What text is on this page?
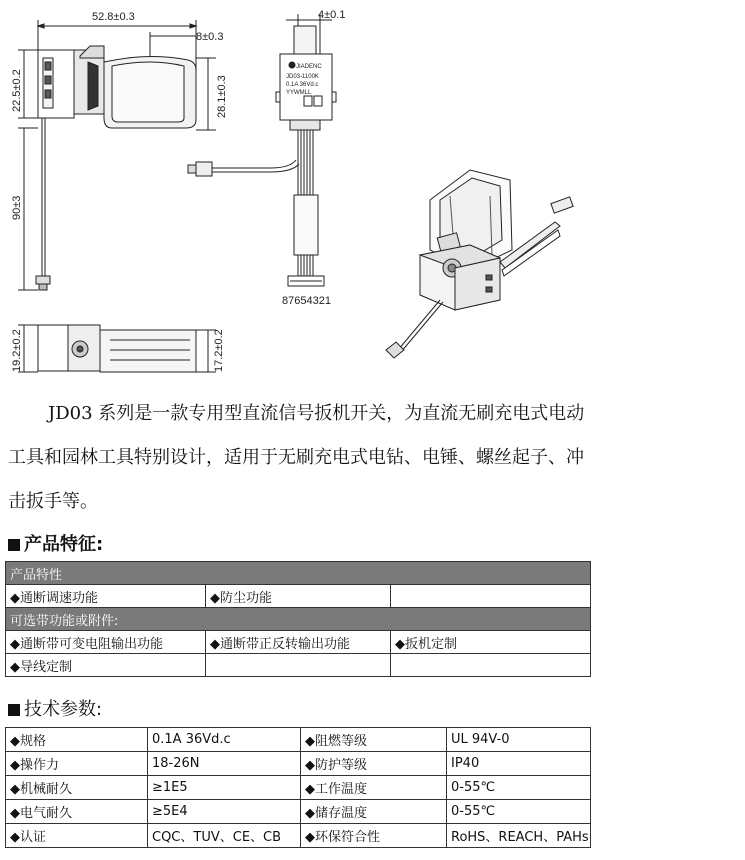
52.8±0.3
8±0.3
4±0.1
22.5±0.2	28.1±0.3
90±3
19.2±0.2	17.2±0.2
87654321
JIADENC
JD03-1100K
0.1A 36Vd.c
YYWMLL

JD03 系列是一款专用型直流信号扳机开关，为直流无刷充电式电动工具和园林工具特别设计，适用于无刷充电式电钻、电锤、螺丝起子、冲击扳手等。

产品特征:
产品特性		
◆通断调速功能	◆防尘功能	
可选带功能或附件:		
◆通断带可变电阻输出功能	◆通断带正反转输出功能	◆扳机定制
◆导线定制		
技术参数:
◆规格	0.1A 36Vd.c	◆阻燃等级	UL 94V-0
◆操作力	18-26N	◆防护等级	IP40
◆机械耐久	≥1E5	◆工作温度	0-55℃
◆电气耐久	≥5E4	◆储存温度	0-55℃
◆认证	CQC、TUV、CE、CB	◆环保符合性	RoHS、REACH、PAHs
